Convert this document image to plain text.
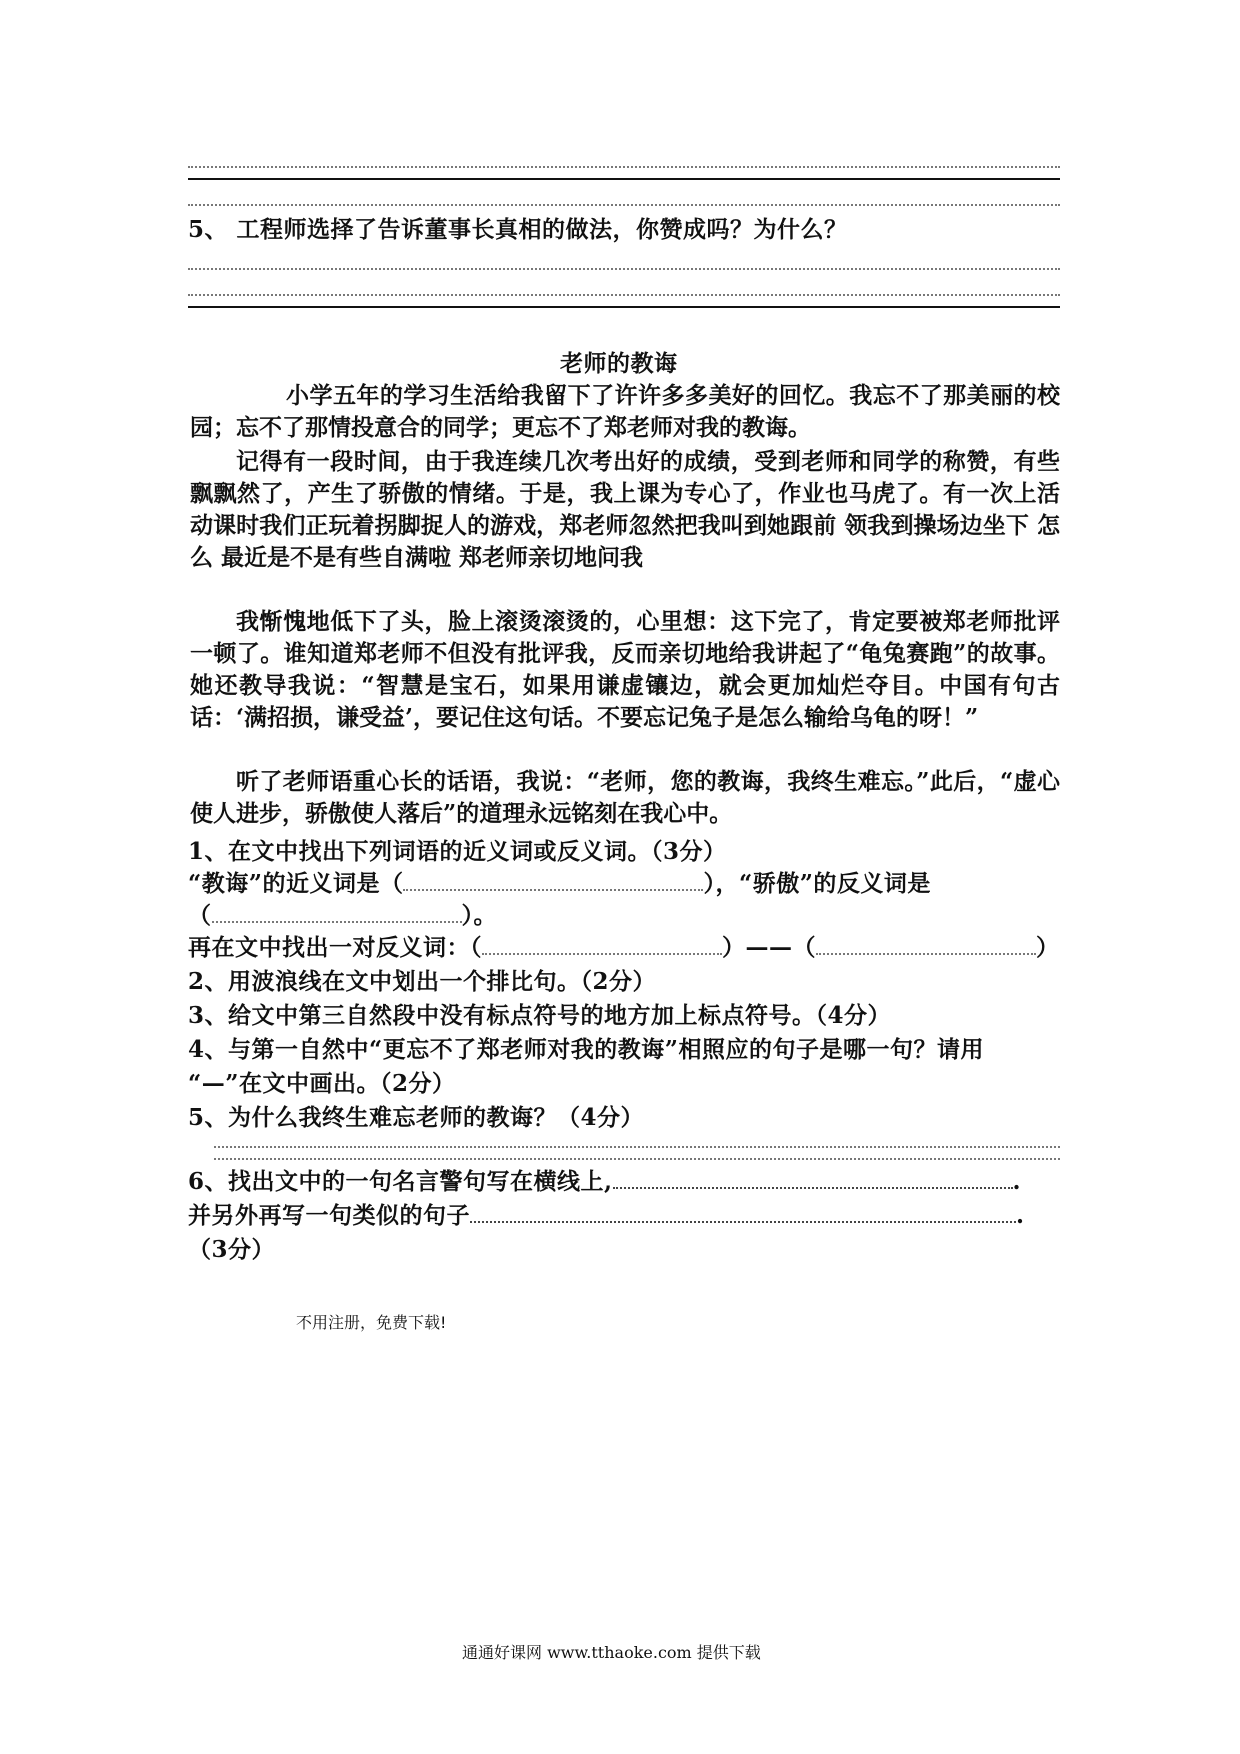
5、 工程师选择了告诉董事长真相的做法，你赞成吗？为什么？
老师的教诲
小学五年的学习生活给我留下了许许多多美好的回忆。我忘不了那美丽的校园；忘不了那情投意合的同学；更忘不了郑老师对我的教诲。
记得有一段时间，由于我连续几次考出好的成绩，受到老师和同学的称赞，有些飘飘然了，产生了骄傲的情绪。于是，我上课为专心了，作业也马虎了。有一次上活动课时我们正玩着拐脚捉人的游戏，郑老师忽然把我叫到她跟前 领我到操场边坐下 怎么 最近是不是有些自满啦 郑老师亲切地问我
我惭愧地低下了头，脸上滚烫滚烫的，心里想：这下完了，肯定要被郑老师批评一顿了。谁知道郑老师不但没有批评我，反而亲切地给我讲起了“龟兔赛跑”的故事。她还教导我说：“智慧是宝石，如果用谦虚镶边，就会更加灿烂夺目。中国有句古话：‘满招损，谦受益’，要记住这句话。不要忘记兔子是怎么输给乌龟的呀！”
听了老师语重心长的话语，我说：“老师，您的教诲，我终生难忘。”此后，“虚心使人进步，骄傲使人落后”的道理永远铭刻在我心中。
1、在文中找出下列词语的近义词或反义词。（3分）
“教诲”的近义词是（	），“骄傲”的反义词是
（	）。
再在文中找出一对反义词：（	）——（	）
2、用波浪线在文中划出一个排比句。（2分）
3、给文中第三自然段中没有标点符号的地方加上标点符号。（4分）
4、与第一自然中“更忘不了郑老师对我的教诲”相照应的句子是哪一句？请用
“—”在文中画出。（2分）
5、为什么我终生难忘老师的教诲？（4分）
6、找出文中的一句名言警句写在横线上,	.
并另外再写一句类似的句子	.
（3分）
不用注册，免费下载!
通通好课网 www.tthaoke.com 提供下载
